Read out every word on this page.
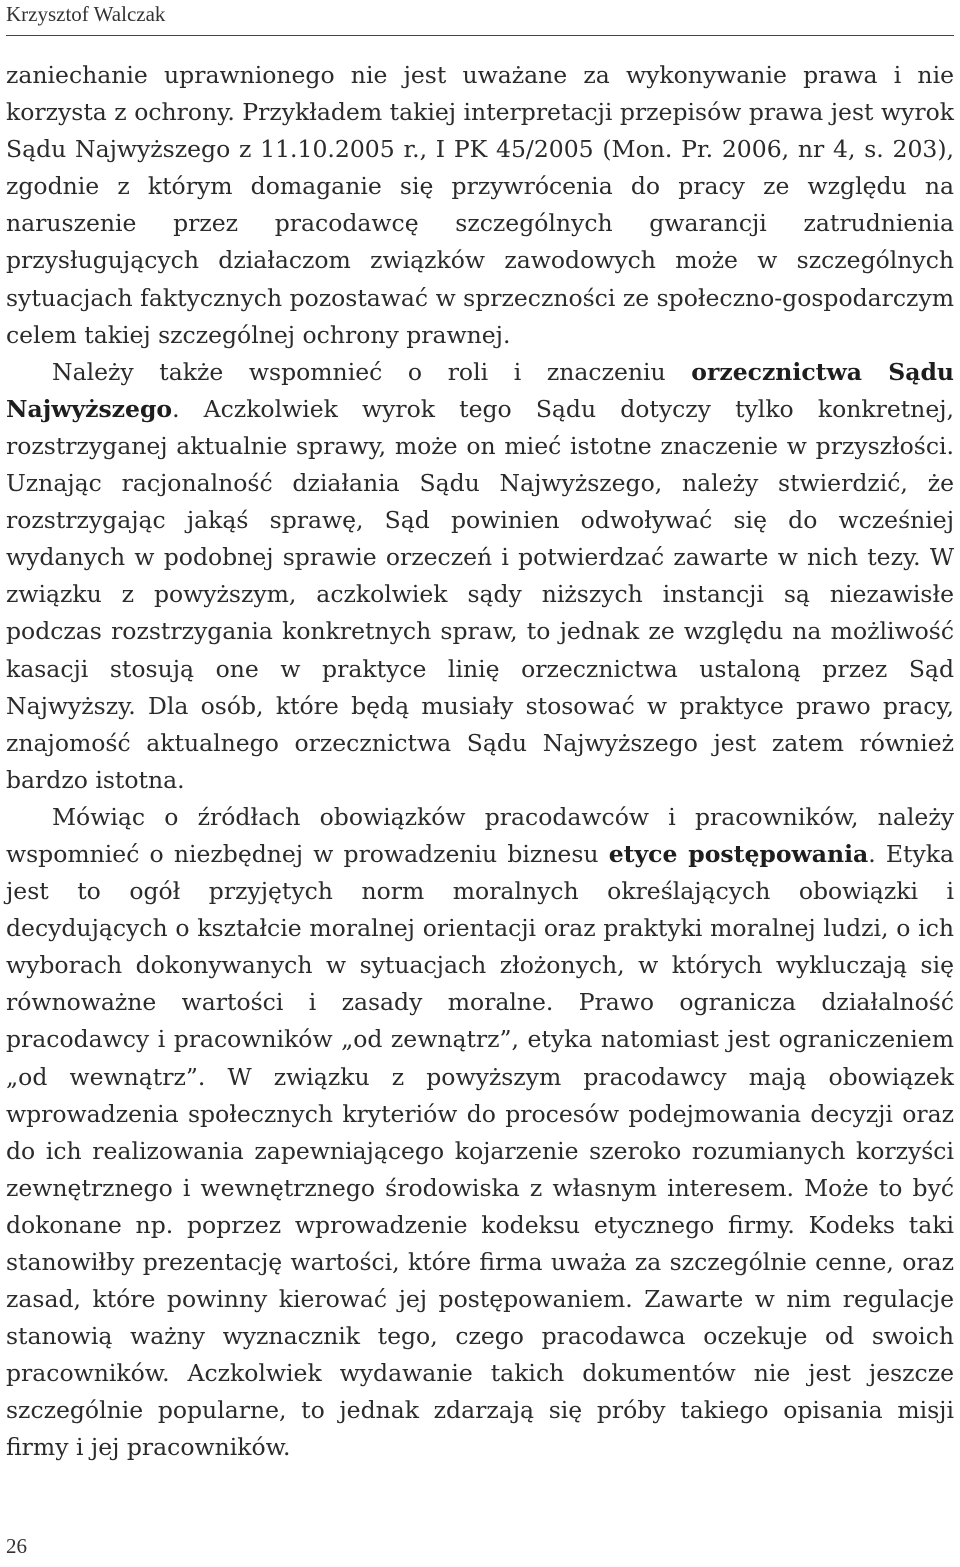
Krzysztof Walczak

zaniechanie uprawnionego nie jest uważane za wykonywanie prawa i nie korzysta z ochrony. Przykładem takiej interpretacji przepisów prawa jest wyrok Sądu Najwyższego z 11.10.2005 r., I PK 45/2005 (Mon. Pr. 2006, nr 4, s. 203), zgodnie z którym domaganie się przywrócenia do pracy ze względu na naruszenie przez pracodawcę szczególnych gwarancji zatrudnienia przysługujących działaczom związków zawodowych może w szczególnych sytuacjach faktycznych pozostawać w sprzeczności ze społeczno-gospodarczym celem takiej szczególnej ochrony prawnej.

Należy także wspomnieć o roli i znaczeniu orzecznictwa Sądu Najwyższego. Aczkolwiek wyrok tego Sądu dotyczy tylko konkretnej, rozstrzyganej aktualnie sprawy, może on mieć istotne znaczenie w przyszłości. Uznając racjonalność działania Sądu Najwyższego, należy stwierdzić, że rozstrzygając jakąś sprawę, Sąd powinien odwoływać się do wcześniej wydanych w podobnej sprawie orzeczeń i potwierdzać zawarte w nich tezy. W związku z powyższym, aczkolwiek sądy niższych instancji są niezawisłe podczas rozstrzygania konkretnych spraw, to jednak ze względu na możliwość kasacji stosują one w praktyce linię orzecznictwa ustaloną przez Sąd Najwyższy. Dla osób, które będą musiały stosować w praktyce prawo pracy, znajomość aktualnego orzecznictwa Sądu Najwyższego jest zatem również bardzo istotna.

Mówiąc o źródłach obowiązków pracodawców i pracowników, należy wspomnieć o niezbędnej w prowadzeniu biznesu etyce postępowania. Etyka jest to ogół przyjętych norm moralnych określających obowiązki i decydujących o kształcie moralnej orientacji oraz praktyki moralnej ludzi, o ich wyborach dokonywanych w sytuacjach złożonych, w których wykluczają się równoważne wartości i zasady moralne. Prawo ogranicza działalność pracodawcy i pracowników „od zewnątrz”, etyka natomiast jest ograniczeniem „od wewnątrz”. W związku z powyższym pracodawcy mają obowiązek wprowadzenia społecznych kryteriów do procesów podejmowania decyzji oraz do ich realizowania zapewniającego kojarzenie szeroko rozumianych korzyści zewnętrznego i wewnętrznego środowiska z własnym interesem. Może to być dokonane np. poprzez wprowadzenie kodeksu etycznego firmy. Kodeks taki stanowiłby prezentację wartości, które firma uważa za szczególnie cenne, oraz zasad, które powinny kierować jej postępowaniem. Zawarte w nim regulacje stanowią ważny wyznacznik tego, czego pracodawca oczekuje od swoich pracowników. Aczkolwiek wydawanie takich dokumentów nie jest jeszcze szczególnie popularne, to jednak zdarzają się próby takiego opisania misji firmy i jej pracowników.

26
